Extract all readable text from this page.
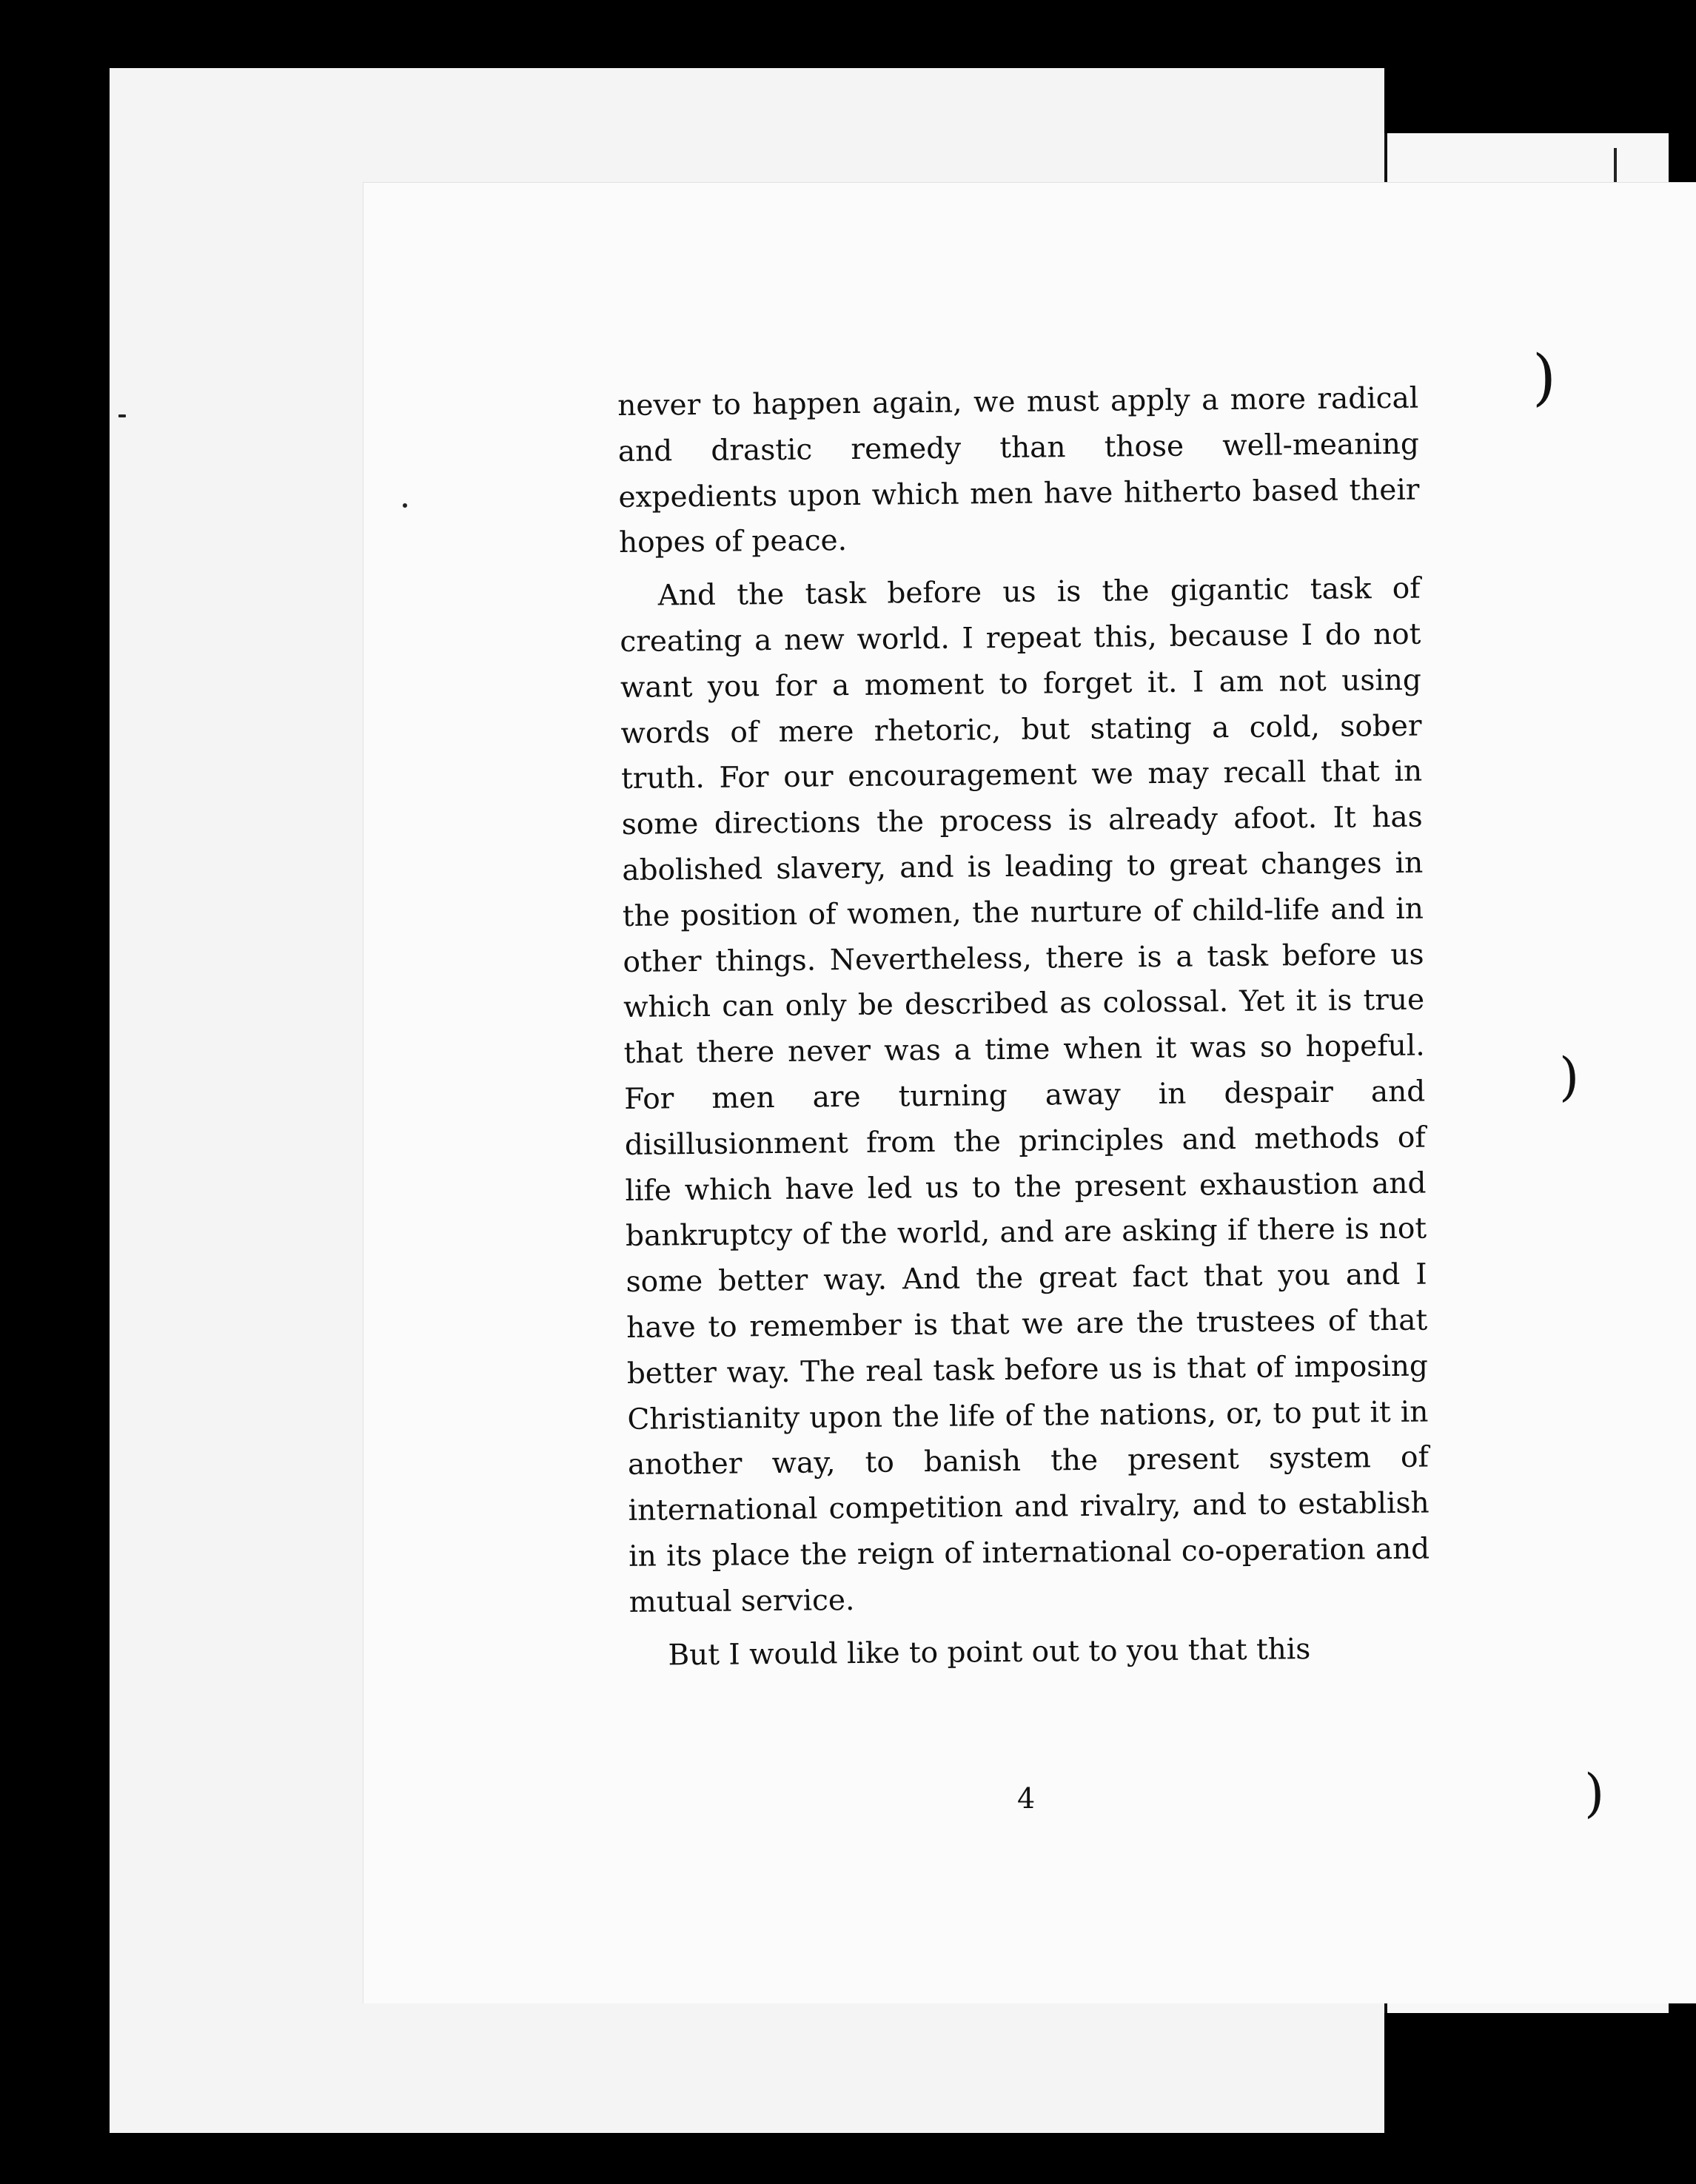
)
)
)

never to happen again, we must apply a more radical and drastic remedy than those well-meaning expedients upon which men have hitherto based their hopes of peace.

And the task before us is the gigantic task of creating a new world. I repeat this, because I do not want you for a moment to forget it. I am not using words of mere rhetoric, but stating a cold, sober truth. For our encouragement we may recall that in some directions the process is already afoot. It has abolished slavery, and is leading to great changes in the position of women, the nurture of child-life and in other things. Nevertheless, there is a task before us which can only be described as colossal. Yet it is true that there never was a time when it was so hopeful. For men are turning away in despair and disillusionment from the principles and methods of life which have led us to the present exhaustion and bankruptcy of the world, and are asking if there is not some better way. And the great fact that you and I have to remember is that we are the trustees of that better way. The real task before us is that of imposing Christianity upon the life of the nations, or, to put it in another way, to banish the present system of international competition and rivalry, and to establish in its place the reign of international co-operation and mutual service.

But I would like to point out to you that this

4
